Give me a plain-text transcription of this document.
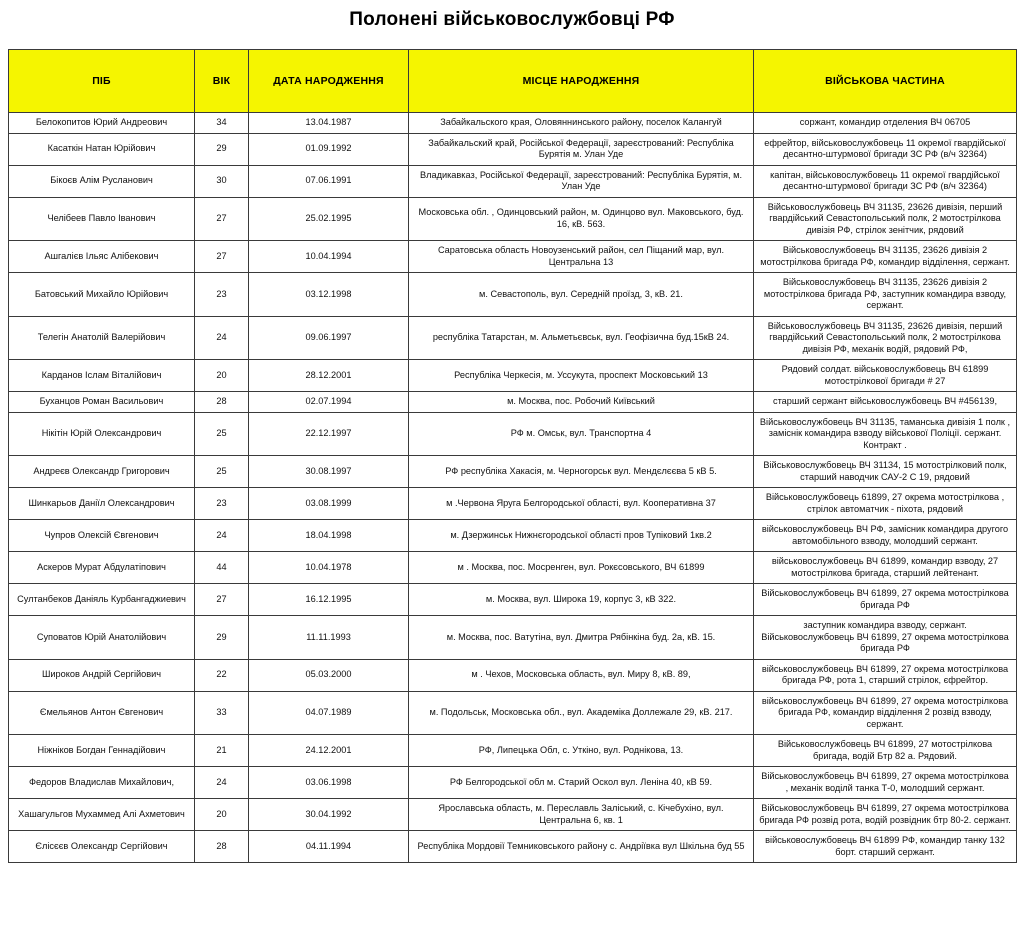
Полонені військовослужбовці РФ
ПІБ	ВІК	ДАТА НАРОДЖЕННЯ	МІСЦЕ НАРОДЖЕННЯ	ВІЙСЬКОВА ЧАСТИНА
Белокопитов Юрий Андреович	34	13.04.1987	Забайкальского края, Оловяннинського району, поселок Калангуй	соржант, командир отделения ВЧ 06705
Касаткін Натан Юрійович	29	01.09.1992	Забайкальский край, Російської Федерації, зареєстрований: Республіка Бурятія м. Улан Уде	ефрейтор, військовослужбовець 11 окремої гвардійської десантно-штурмової бригади ЗС РФ (в/ч 32364)
Бікоєв Алім Русланович	30	07.06.1991	Владикавказ, Російської Федерації, зареєстрований: Республіка Бурятія, м. Улан Уде	капітан, військовослужбовець 11 окремої гвардійської десантно-штурмової бригади ЗС РФ (в/ч 32364)
Челібеев Павло Іванович	27	25.02.1995	Московська обл. , Одинцовський район, м. Одинцово вул. Маковського, буд. 16, кВ. 563.	Військовослужбовець ВЧ 31135, 23626 дивізія, перший гвардійський Севастопольський полк, 2 мотострілкова дивізія РФ, стрілок зенітчик, рядовий
Ашгалієв Ільяс Алібекович	27	10.04.1994	Саратовська область Новоузенський район, сел Піщаний мар, вул. Центральна 13	Військовослужбовець ВЧ 31135, 23626 дивізія 2 мотострілкова бригада РФ, командир відділення, сержант.
Батовський Михайло Юрійович	23	03.12.1998	м. Севастополь, вул. Середній проїзд, 3, кВ. 21.	Військовослужбовець ВЧ 31135, 23626 дивізія 2 мотострілкова бригада РФ, заступник командира взводу, сержант.
Телегін Анатолій Валерійович	24	09.06.1997	республіка Татарстан, м. Альметьєвськ, вул. Геофізична буд.15кВ 24.	Військовослужбовець ВЧ 31135, 23626 дивізія, перший гвардійський Севастопольський полк, 2 мотострілкова дивізія РФ, механік водій, рядовий РФ,
Карданов Іслам Віталійович	20	28.12.2001	Республіка Черкесія, м. Уссукута, проспект Московський 13	Рядовий солдат. військовослужбовець ВЧ 61899 мотострілкової бригади # 27
Буханцов Роман Васильович	28	02.07.1994	м. Москва, пос. Робочий Київський	старший сержант військовослужбовець ВЧ #456139,
Нікітін Юрій Олександрович	25	22.12.1997	РФ м. Омськ, вул. Транспортна 4	Військовослужбовець ВЧ 31135, таманська дивізія 1 полк , заміснік командира взводу військової Поліції. сержант. Контракт .
Андреєв Олександр Григорович	25	30.08.1997	РФ республіка Хакасія, м. Черногорськ вул. Мендєлєєва 5 кВ 5.	Військовослужбовець ВЧ 31134, 15 мотострілковий полк, старший наводчик САУ-2 С 19, рядовий
Шинкарьов Даніїл Олександрович	23	03.08.1999	м .Червона Яруга Белгородської області, вул. Кооперативна 37	Військовослужбовець 61899, 27 окрема мотострілкова , стрілок автоматчик - піхота, рядовий
Чупров Олексій Євгенович	24	18.04.1998	м. Дзержинськ Нижнєгородської області пров Тупіковий 1кв.2	військовослужбовець ВЧ РФ, замісник командира другого автомобільного взводу, молодший сержант.
Аскеров Мурат Абдулатіпович	44	10.04.1978	м . Москва, пос. Мосренген, вул. Рокєсовського, ВЧ 61899	військовослужбовець ВЧ 61899, командир взводу, 27 мотострілкова бригада, старший лейтенант.
Султанбеков Даніяль Курбангаджиевич	27	16.12.1995	м. Москва, вул. Широка 19, корпус 3, кВ 322.	Військовослужбовець ВЧ 61899, 27 окрема мотострілкова бригада РФ
Суповатов Юрій Анатолійович	29	11.11.1993	м. Москва, пос. Ватутіна, вул. Дмитра Рябінкіна буд. 2а, кВ. 15.	заступник командира взводу, сержант. Військовослужбовець ВЧ 61899, 27 окрема мотострілкова бригада РФ
Широков Андрій Сергійович	22	05.03.2000	м . Чехов, Московська область, вул. Миру 8, кВ. 89,	військовослужбовець ВЧ 61899, 27 окрема мотострілкова бригада РФ, рота 1, старший стрілок, єфрейтор.
Ємельянов Антон Євгенович	33	04.07.1989	м. Подольськ, Московська обл., вул. Академіка Доллежале 29, кВ. 217.	військовослужбовець ВЧ 61899, 27 окрема мотострілкова бригада РФ, командир відділення 2 розвід взводу, сержант.
Ніжніков Богдан Геннадійович	21	24.12.2001	РФ, Липецька Обл, с. Уткіно, вул. Роднікова, 13.	Військовослужбовець ВЧ 61899, 27 мотострілкова бригада, водій Бтр 82 а. Рядовий.
Федоров Владислав Михайлович,	24	03.06.1998	РФ Белгородської обл м. Старий Оскол вул. Леніна 40, кВ 59.	Військовослужбовець ВЧ 61899, 27 окрема мотострілкова , механік воділй танка Т-0, молодший сержант.
Хашагульгов Мухаммед Алі Ахметович	20	30.04.1992	Ярославська область, м. Переславль Заліський, с. Кічебухіно, вул. Центральна 6, кв. 1	Військовослужбовець ВЧ 61899, 27 окрема мотострілкова бригада РФ розвід рота, водій розвідник бтр 80-2. сержант.
Єлісєєв Олександр Сергійович	28	04.11.1994	Республіка Мордовії Темниковського району с. Андріївка вул Шкільна буд 55	військовослужбовець ВЧ 61899 РФ, командир танку 132 борт. старший сержант.
